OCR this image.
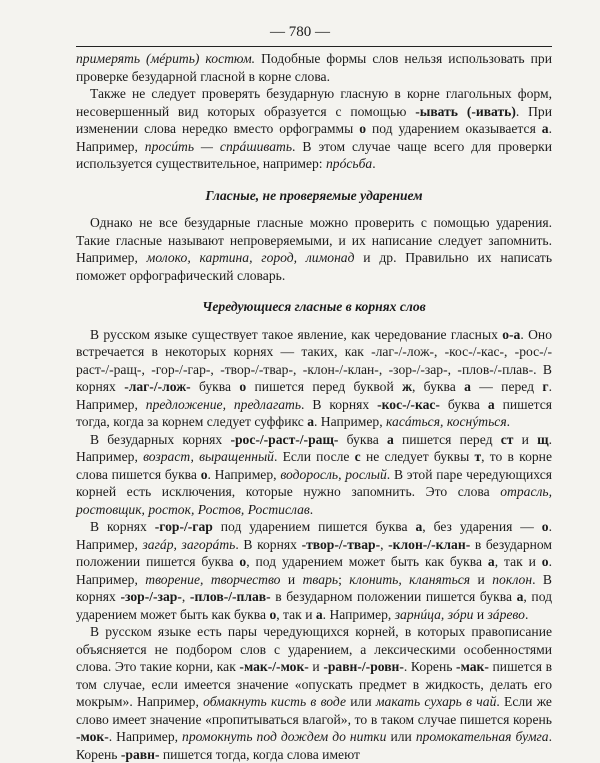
— 780 —

примерять (мéрить) костюм. Подобные формы слов нельзя использовать при проверке безударной гласной в корне слова.

Также не следует проверять безударную гласную в корне глагольных форм, несовершенный вид которых образуется с помощью -ывать (-ивать). При изменении слова нередко вместо орфограммы о под ударением оказывается а. Например, просúть — спрáшивать. В этом случае чаще всего для проверки используется существительное, например: прóсьба.

Гласные, не проверяемые ударением

Однако не все безударные гласные можно проверить с помощью ударения. Такие гласные называют непроверяемыми, и их написание следует запомнить. Например, молоко, картина, город, лимонад и др. Правильно их написать поможет орфографический словарь.

Чередующиеся гласные в корнях слов

В русском языке существует такое явление, как чередование гласных о-а. Оно встречается в некоторых корнях — таких, как -лаг-/-лож-, -кос-/-кас-, -рос-/-раст-/-ращ-, -гор-/-гар-, -твор-/-твар-, -клон-/-клан-, -зор-/-зар-, -плов-/-плав-. В корнях -лаг-/-лож- буква о пишется перед буквой ж, буква а — перед г. Например, предложение, предлагать. В корнях -кос-/-кас- буква а пишется тогда, когда за корнем следует суффикс а. Например, касáться, коснýться.

В безударных корнях -рос-/-раст-/-ращ- буква а пишется перед ст и щ. Например, возраст, выращенный. Если после с не следует буквы т, то в корне слова пишется буква о. Например, водоросль, рослый. В этой паре чередующихся корней есть исключения, которые нужно запомнить. Это слова отрасль, ростовщик, росток, Ростов, Ростислав.

В корнях -гор-/-гар под ударением пишется буква а, без ударения — о. Например, загáр, загорáть. В корнях -твор-/-твар-, -клон-/-клан- в безударном положении пишется буква о, под ударением может быть как буква а, так и о. Например, творение, творчество и твaрь; клонить, кланяться и поклон. В корнях -зор-/-зар-, -плов-/-плав- в безударном положении пишется буква а, под ударением может быть как буква о, так и а. Например, зарнúца, зóри и зáрево.

В русском языке есть пары чередующихся корней, в которых правописание объясняется не подбором слов с ударением, а лексическими особенностями слова. Это такие корни, как -мак-/-мок- и -равн-/-ровн-. Корень -мак- пишется в том случае, если имеется значение «опускать предмет в жидкость, делать его мокрым». Например, обмакнуть кисть в воде или макать сухарь в чай. Если же слово имеет значение «пропитываться влагой», то в таком случае пишется корень -мок-. Например, промокнуть под дождем до нитки или промокательная бумга. Корень -равн- пишется тогда, когда слова имеют
